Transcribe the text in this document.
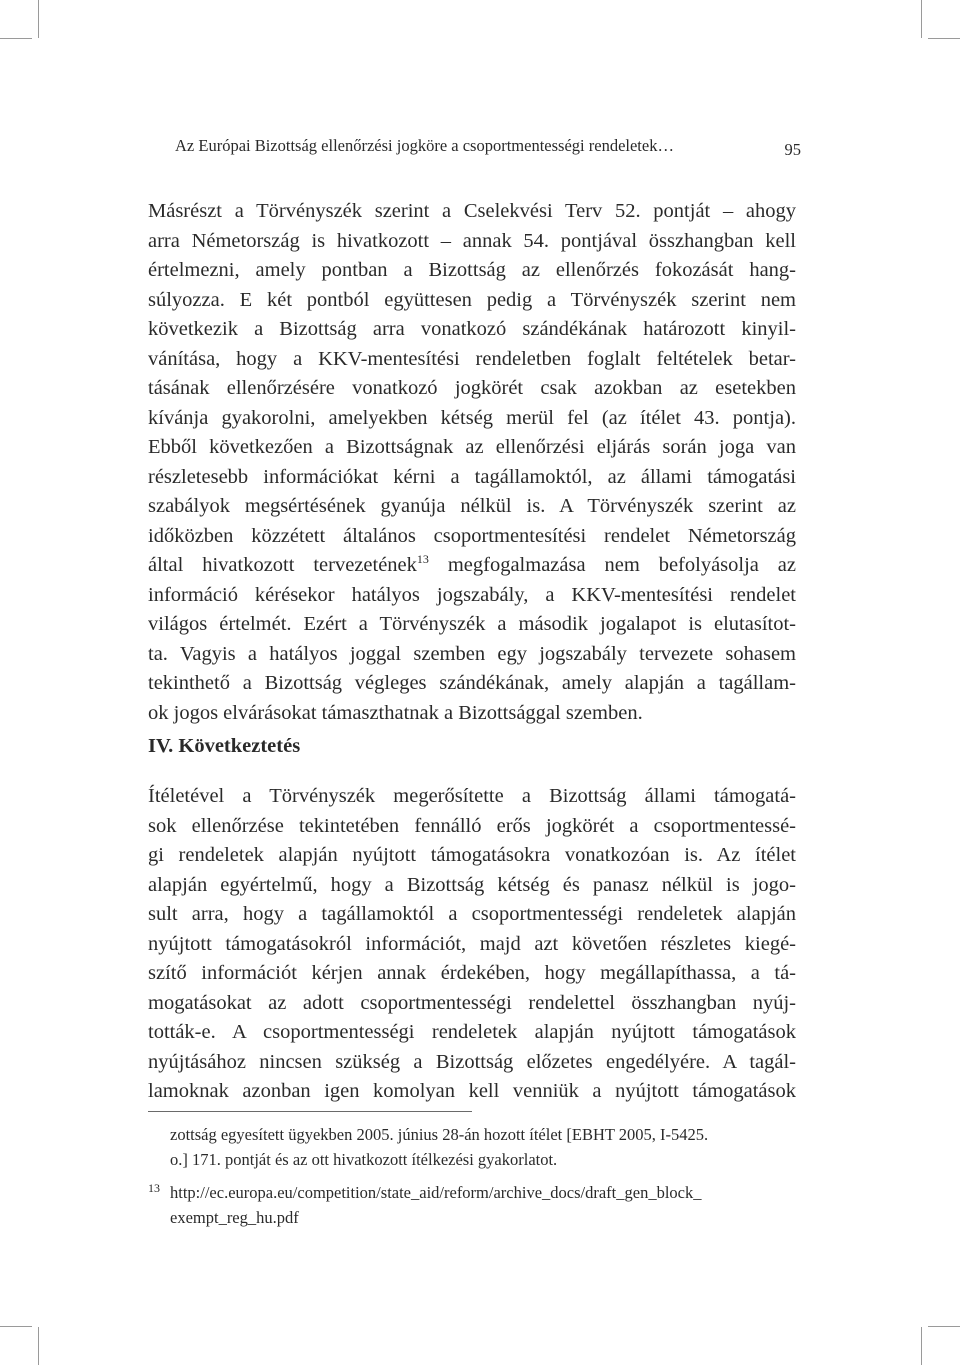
Az Európai Bizottság ellenőrzési jogköre a csoportmentességi rendeletek…	95
Másrészt a Törvényszék szerint a Cselekvési Terv 52. pontját – ahogy
arra Németország is hivatkozott – annak 54. pontjával összhangban kell
értelmezni, amely pontban a Bizottság az ellenőrzés fokozását hang-
súlyozza. E két pontból együttesen pedig a Törvényszék szerint nem
következik a Bizottság arra vonatkozó szándékának határozott kinyil-
vánítása, hogy a KKV-mentesítési rendeletben foglalt feltételek betar-
tásának ellenőrzésére vonatkozó jogkörét csak azokban az esetekben
kívánja gyakorolni, amelyekben kétség merül fel (az ítélet 43. pontja).
Ebből következően a Bizottságnak az ellenőrzési eljárás során joga van
részletesebb információkat kérni a tagállamoktól, az állami támogatási
szabályok megsértésének gyanúja nélkül is. A Törvényszék szerint az
időközben közzétett általános csoportmentesítési rendelet Németország
által hivatkozott tervezetének$^{13}$ megfogalmazása nem befolyásolja az
információ kérésekor hatályos jogszabály, a KKV-mentesítési rendelet
világos értelmét. Ezért a Törvényszék a második jogalapot is elutasítot-
ta. Vagyis a hatályos joggal szemben egy jogszabály tervezete sohasem
tekinthető a Bizottság végleges szándékának, amely alapján a tagállam-
ok jogos elvárásokat támaszthatnak a Bizottsággal szemben.
IV. Következtetés
Ítéletével a Törvényszék megerősítette a Bizottság állami támogatá-
sok ellenőrzése tekintetében fennálló erős jogkörét a csoportmentessé-
gi rendeletek alapján nyújtott támogatásokra vonatkozóan is. Az ítélet
alapján egyértelmű, hogy a Bizottság kétség és panasz nélkül is jogo-
sult arra, hogy a tagállamoktól a csoportmentességi rendeletek alapján
nyújtott támogatásokról információt, majd azt követően részletes kiegé-
szítő információt kérjen annak érdekében, hogy megállapíthassa, a tá-
mogatásokat az adott csoportmentességi rendelettel összhangban nyúj-
tották-e. A csoportmentességi rendeletek alapján nyújtott támogatások
nyújtásához nincsen szükség a Bizottság előzetes engedélyére. A tagál-
lamoknak azonban igen komolyan kell venniük a nyújtott támogatások
zottság egyesített ügyekben 2005. június 28-án hozott ítélet [EBHT 2005, I-5425.
o.] 171. pontját és az ott hivatkozott ítélkezési gyakorlatot.
13 http://ec.europa.eu/competition/state_aid/reform/archive_docs/draft_gen_block_
exempt_reg_hu.pdf
